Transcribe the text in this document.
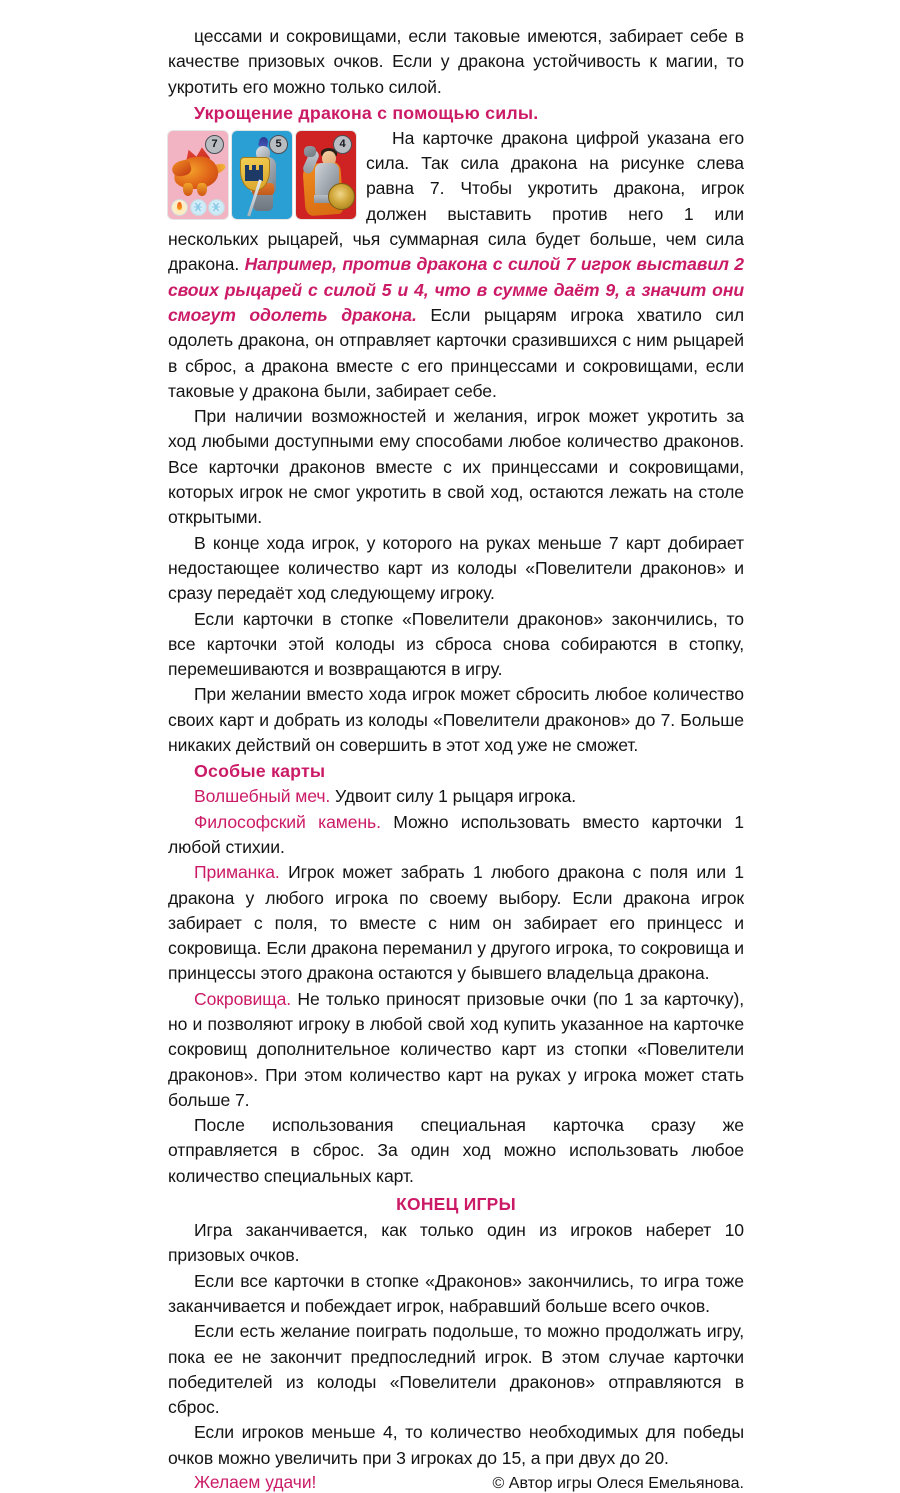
цессами и сокровищами, если таковые имеются, забирает себе в качестве призовых очков. Если у дракона устойчивость к магии, то укротить его можно только силой.

Укрощение дракона с помощью силы.

7	5	4	На карточке дракона цифрой указана его сила. Так сила дракона на рисунке слева равна 7. Чтобы укротить дракона, игрок должен выставить против него 1 или нескольких рыцарей, чья суммарная сила будет больше, чем сила дракона. Например, против дракона с силой 7 игрок выставил 2 своих рыцарей с силой 5 и 4, что в сумме даёт 9, а значит они смогут одолеть дракона. Если рыцарям игрока хватило сил одолеть дракона, он отправляет карточки сразившихся с ним рыцарей в сброс, а дракона вместе с его принцессами и сокровищами, если таковые у дракона были, забирает себе.

При наличии возможностей и желания, игрок может укротить за ход любыми доступными ему способами любое количество драконов. Все карточки драконов вместе с их принцессами и сокровищами, которых игрок не смог укротить в свой ход, остаются лежать на столе открытыми.

В конце хода игрок, у которого на руках меньше 7 карт добирает недостающее количество карт из колоды «Повелители драконов» и сразу передаёт ход следующему игроку.

Если карточки в стопке «Повелители драконов» закончились, то все карточки этой колоды из сброса снова собираются в стопку, перемешиваются и возвращаются в игру.

При желании вместо хода игрок может сбросить любое количество своих карт и добрать из колоды «Повелители драконов» до 7. Больше никаких действий он совершить в этот ход уже не сможет.

Особые карты

Волшебный меч. Удвоит силу 1 рыцаря игрока.

Философский камень. Можно использовать вместо карточки 1 любой стихии.

Приманка. Игрок может забрать 1 любого дракона с поля или 1 дракона у любого игрока по своему выбору. Если дракона игрок забирает с поля, то вместе с ним он забирает его принцесс и сокровища. Если дракона переманил у другого игрока, то сокровища и принцессы этого дракона остаются у бывшего владельца дракона.

Сокровища. Не только приносят призовые очки (по 1 за карточку), но и позволяют игроку в любой свой ход купить указанное на карточке сокровищ дополнительное количество карт из стопки «Повелители драконов». При этом количество карт на руках у игрока может стать больше 7.

После использования специальная карточка сразу же отправляется в сброс. За один ход можно использовать любое количество специальных карт.

КОНЕЦ ИГРЫ

Игра заканчивается, как только один из игроков наберет 10 призовых очков.

Если все карточки в стопке «Драконов» закончились, то игра тоже заканчивается и побеждает игрок, набравший больше всего очков.

Если есть желание поиграть подольше, то можно продолжать игру, пока ее не закончит предпоследний игрок. В этом случае карточки победителей из колоды «Повелители драконов» отправляются в сброс.

Если игроков меньше 4, то количество необходимых для победы очков можно увеличить при 3 игроках до 15, а при двух до 20.

Желаем удачи!	© Автор игры Олеся Емельянова.
